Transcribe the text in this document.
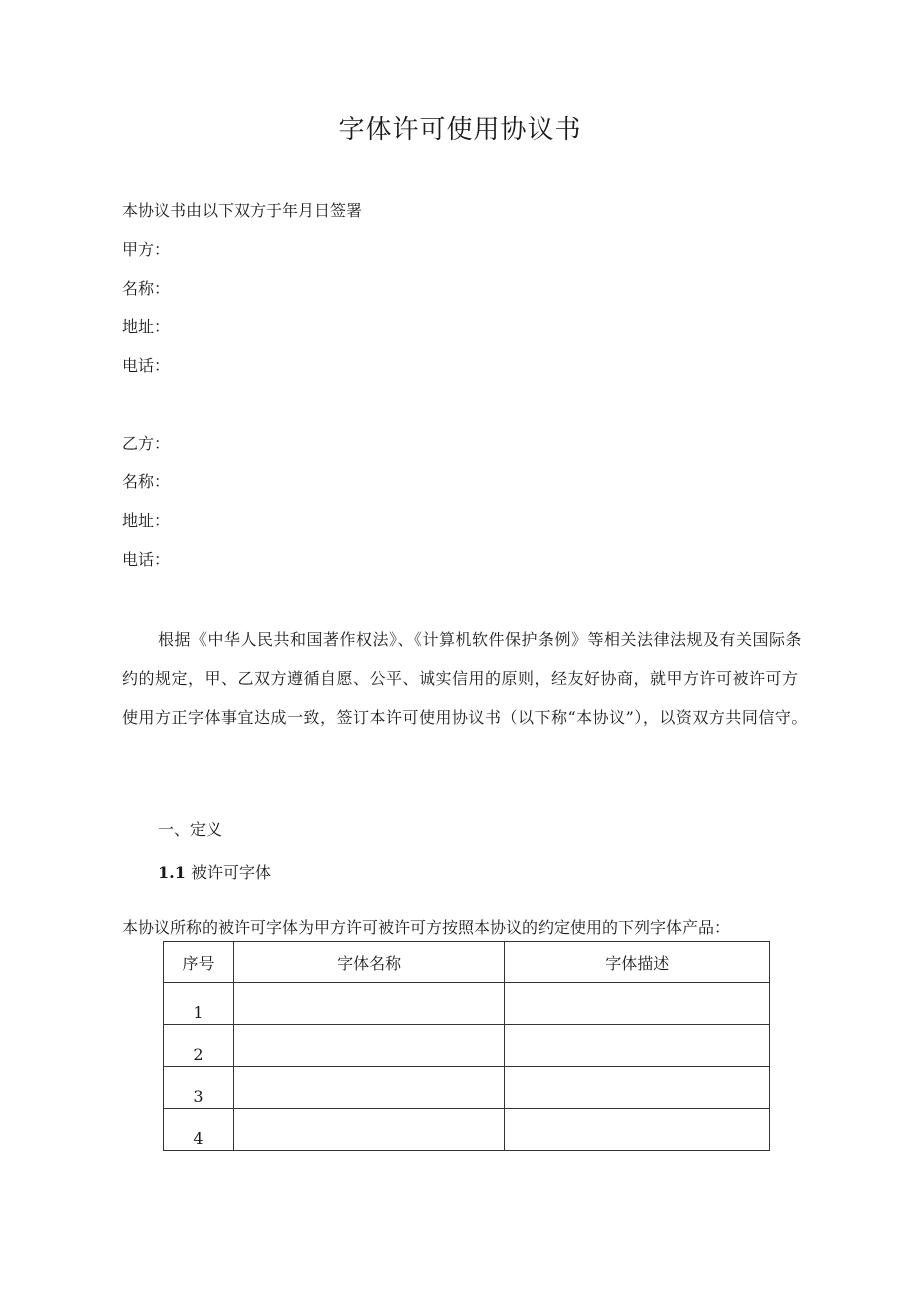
字体许可使用协议书
本协议书由以下双方于年月日签署
甲方：
名称：
地址：
电话：
乙方：
名称：
地址：
电话：
根据《中华人民共和国著作权法》、《计算机软件保护条例》等相关法律法规及有关国际条约的规定，甲、乙双方遵循自愿、公平、诚实信用的原则，经友好协商，就甲方许可被许可方使用方正字体事宜达成一致，签订本许可使用协议书（以下称“本协议”），以资双方共同信守。
一、定义
1.1 被许可字体
本协议所称的被许可字体为甲方许可被许可方按照本协议的约定使用的下列字体产品：
序号	字体名称	字体描述
1		
2		
3		
4		
